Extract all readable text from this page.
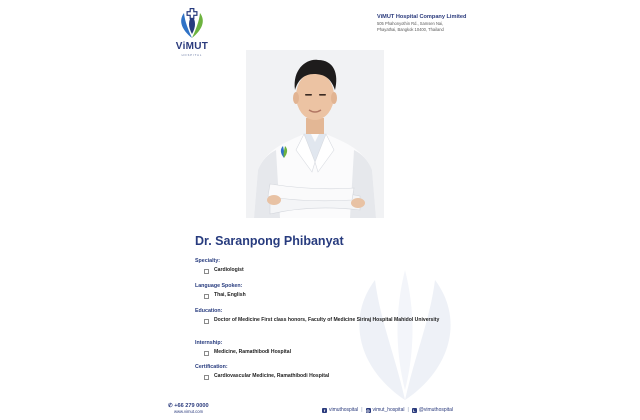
ViMUT
HOSPITAL
ViMUT Hospital Company Limited
505 Phahonyothin Rd., Samsen Nai,
Phayathai, Bangkok 10400, Thailand
Dr. Saranpong Phibanyat
Specialty:
Cardiologist
Language Spoken:
Thai, English
Education:
Doctor of Medicine First class honors, Faculty of Medicine Siriraj Hospital Mahidol University
Internship:
Medicine, Ramathibodi Hospital
Certification:
Cardiovascular Medicine, Ramathibodi Hospital
✆ +66 279 0000
www.vimut.com	f vimuthospital | ◎ vimut_hospital |	L @vimuthospital
